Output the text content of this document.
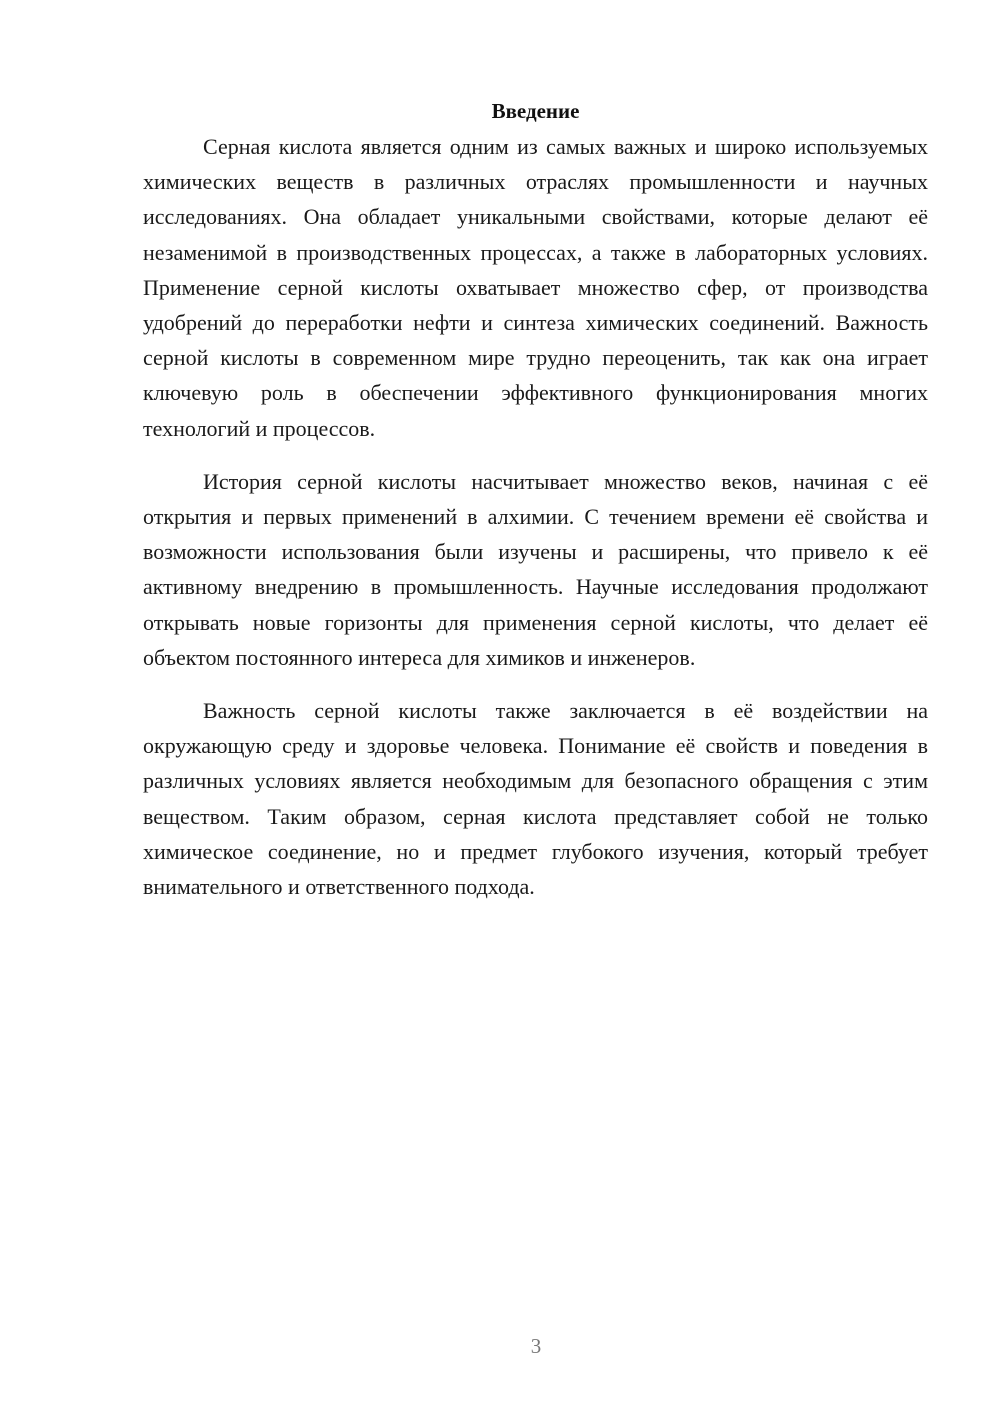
Введение

Серная кислота является одним из самых важных и широко используемых химических веществ в различных отраслях промышленности и научных исследованиях. Она обладает уникальными свойствами, которые делают её незаменимой в производственных процессах, а также в лабораторных условиях. Применение серной кислоты охватывает множество сфер, от производства удобрений до переработки нефти и синтеза химических соединений. Важность серной кислоты в современном мире трудно переоценить, так как она играет ключевую роль в обеспечении эффективного функционирования многих технологий и процессов.

История серной кислоты насчитывает множество веков, начиная с её открытия и первых применений в алхимии. С течением времени её свойства и возможности использования были изучены и расширены, что привело к её активному внедрению в промышленность. Научные исследования продолжают открывать новые горизонты для применения серной кислоты, что делает её объектом постоянного интереса для химиков и инженеров.

Важность серной кислоты также заключается в её воздействии на окружающую среду и здоровье человека. Понимание её свойств и поведения в различных условиях является необходимым для безопасного обращения с этим веществом. Таким образом, серная кислота представляет собой не только химическое соединение, но и предмет глубокого изучения, который требует внимательного и ответственного подхода.

3
